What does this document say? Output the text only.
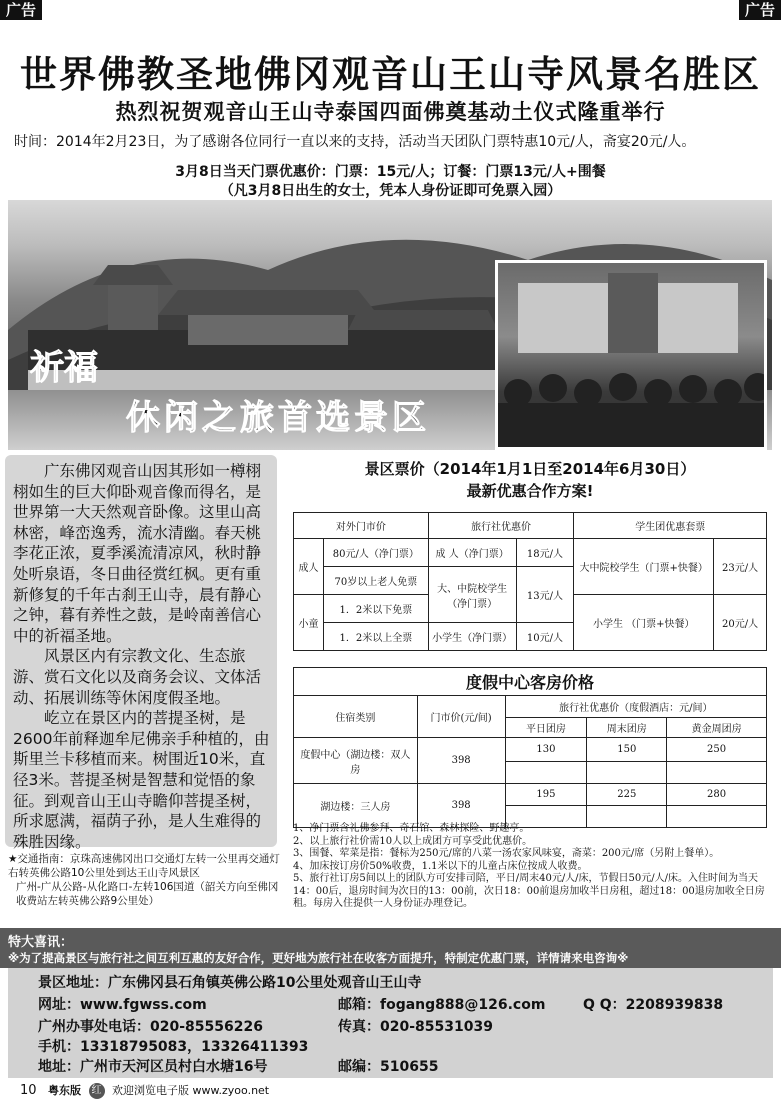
广告	广告
世界佛教圣地佛冈观音山王山寺风景名胜区
热烈祝贺观音山王山寺泰国四面佛奠基动土仪式隆重举行
时间：2014年2月23日，为了感谢各位同行一直以来的支持，活动当天团队门票特惠10元/人，斋宴20元/人。
3月8日当天门票优惠价：门票：15元/人；订餐：门票13元/人+围餐
（凡3月8日出生的女士，凭本人身份证即可免票入园）
祈福
休闲之旅首选景区

广东佛冈观音山因其形如一樽栩栩如生的巨大仰卧观音像而得名，是世界第一大天然观音卧像。这里山高林密，峰峦逸秀，流水清幽。春天桃李花正浓，夏季溪流清凉风，秋时静处听泉语，冬日曲径赏红枫。更有重新修复的千年古刹王山寺，晨有静心之钟，暮有养性之鼓，是岭南善信心中的祈福圣地。

风景区内有宗教文化、生态旅游、赏石文化以及商务会议、文体活动、拓展训练等休闲度假圣地。

屹立在景区内的菩提圣树，是2600年前释迦牟尼佛亲手种植的，由斯里兰卡移植而来。树围近10米，直径3米。菩提圣树是智慧和觉悟的象征。到观音山王山寺瞻仰菩提圣树，所求愿满，福荫子孙，是人生难得的殊胜因缘。

★交通指南：京珠高速佛冈出口交通灯左转一公里再交通灯右转英佛公路10公里处到达王山寺风景区
广州-广从公路-从化路口-左转106国道（韶关方向至佛冈收费站左转英佛公路9公里处）
景区票价（2014年1月1日至2014年6月30日）
最新优惠合作方案!
对外门市价		旅行社优惠价		学生团优惠套票	
成人	80元/人（净门票）	成 人（净门票）	18元/人	大中院校学生（门票+快餐）	23元/人
	70岁以上老人免票	大、中院校学生（净门票）	13元/人		
小童	1．2米以下免票			小学生 （门票+快餐）	20元/人
	1．2米以上全票	小学生（净门票）	10元/人		
度假中心客房价格				
住宿类别	门市价(元/间)	旅行社优惠价（度假酒店：元/间）		
		平日团房	周末团房	黄金周团房
度假中心（湖边楼：双人房	398	130	150	250

湖边楼：三人房	398	195	225	280

1、净门票含礼佛参拜、奇石馆、森林探险、野趣亭。
2、以上旅行社价需10人以上成团方可享受此优惠价。
3、围餐、荤菜是指：餐标为250元/席的八菜一汤农家风味宴，斋菜：200元/席（另附上餐单）。
4、加床按订房价50%收费，1.1米以下的儿童占床位按成人收费。
5、旅行社订房5间以上的团队方可安排司陪，平日/周末40元/人/床，节假日50元/人/床。入住时间为当天14：00后，退房时间为次日的13：00前，次日18：00前退房加收半日房租，超过18：00退房加收全日房租。每房入住提供一人身份证办理登记。
特大喜讯：
※为了提高景区与旅行社之间互利互惠的友好合作，更好地为旅行社在收客方面提升，特制定优惠门票，详情请来电咨询※
景区地址：广东佛冈县石角镇英佛公路10公里处观音山王山寺
网址：www.fgwss.com	邮箱：fogang888@126.com	Q Q：2208939838
广州办事处电话：020-85556226	传真：020-85531039
手机：13318795083，13326411393
地址：广州市天河区员村白水塘16号	邮编：510655
10 粤东版 红 欢迎浏览电子版 www.zyoo.net
